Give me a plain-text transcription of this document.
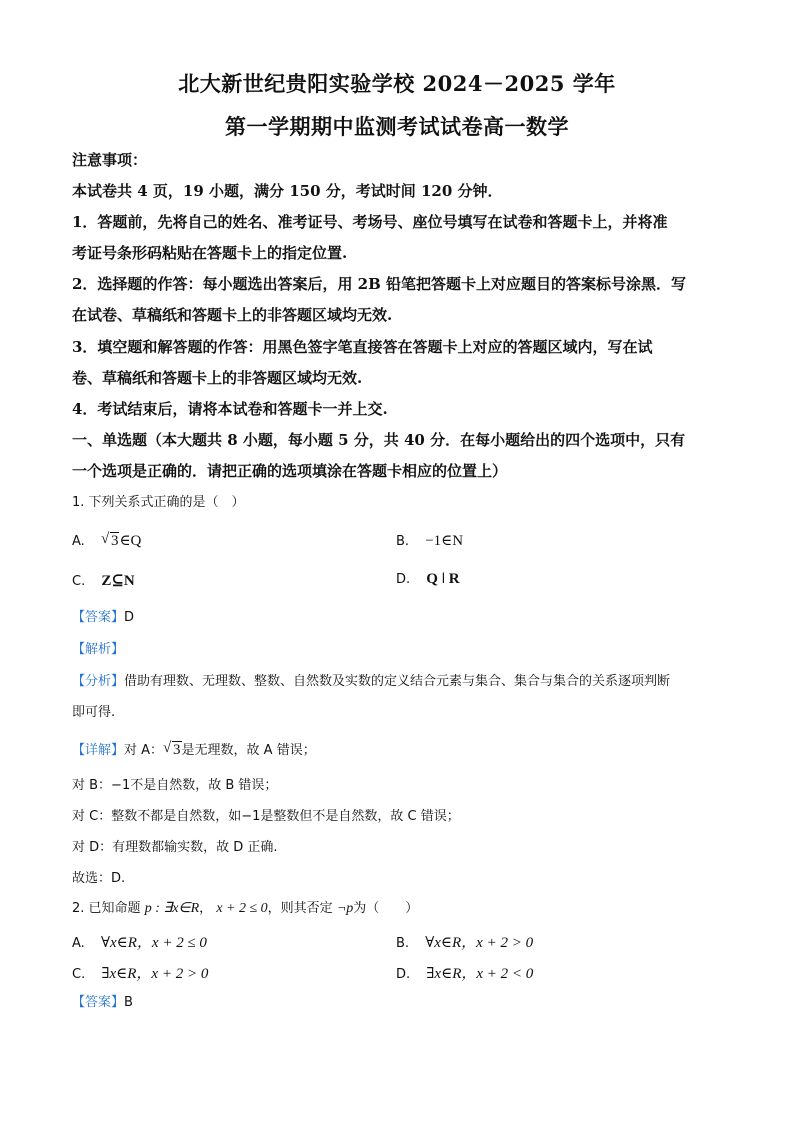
北大新世纪贵阳实验学校 2024－2025 学年
第一学期期中监测考试试卷高一数学
注意事项：
本试卷共 4 页，19 小题，满分 150 分，考试时间 120 分钟．
1．答题前，先将自己的姓名、准考证号、考场号、座位号填写在试卷和答题卡上，并将准
考证号条形码粘贴在答题卡上的指定位置.
2．选择题的作答：每小题选出答案后，用 2B 铅笔把答题卡上对应题目的答案标号涂黑．写
在试卷、草稿纸和答题卡上的非答题区域均无效.
3．填空题和解答题的作答：用黑色签字笔直接答在答题卡上对应的答题区域内，写在试
卷、草稿纸和答题卡上的非答题区域均无效.
4．考试结束后，请将本试卷和答题卡一并上交.
一、单选题（本大题共 8 小题，每小题 5 分，共 40 分．在每小题给出的四个选项中，只有
一个选项是正确的．请把正确的选项填涂在答题卡相应的位置上）
1. 下列关系式正确的是（　）
A. √ 3∈Q	B. −1∈N
C. Z⊆N	D. Q ǀ R
【答案】D
【解析】
【分析】借助有理数、无理数、整数、自然数及实数的定义结合元素与集合、集合与集合的关系逐项判断
即可得.
【详解】对 A： √ 3是无理数，故 A 错误；
对 B：−1不是自然数，故 B 错误；
对 C：整数不都是自然数，如−1是整数但不是自然数，故 C 错误；
对 D：有理数都输实数，故 D 正确.
故选：D.
2. 已知命题 p : ∃x∈R， x + 2 ≤ 0，则其否定 ¬p为（　　）
A. ∀x∈R，x + 2 ≤ 0	B. ∀x∈R，x + 2 > 0
C. ∃x∈R，x + 2 > 0	D. ∃x∈R，x + 2 < 0
【答案】B
